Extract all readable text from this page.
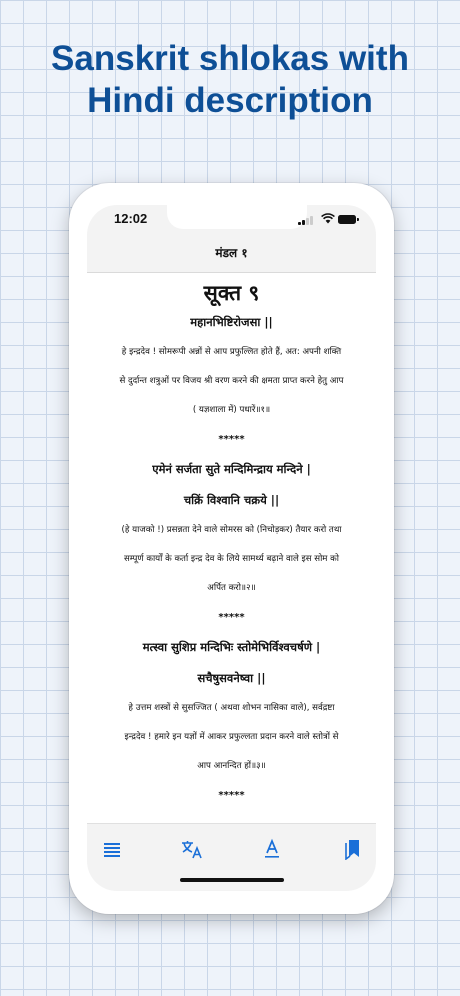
Sanskrit shlokas with
Hindi description
12:02
मंडल १
सूक्त ९
महानभिष्टिरोजसा ||
हे इन्द्रदेव ! सोमरूपी अन्नों से आप प्रफुल्लित होते हैं, अत: अपनी शक्ति
से दुर्दान्त शत्रुओं पर विजय श्री वरण करने की क्षमता प्राप्त करने हेतु आप
( यज्ञशाला में) पधारें॥१॥
*****
एमेनं सर्जता सुते मन्दिमिन्द्राय मन्दिने |
चक्रिं विश्वानि चक्रये ||
(हे याजको !) प्रसन्नता देने वाले सोमरस को (निचोड़कर) तैयार करो तथा
सम्पूर्ण कार्यों के कर्ता इन्द्र देव के लिये सामर्थ्य बढ़ाने वाले इस सोम को
अर्पित करो॥२॥
*****
मत्स्वा सुशिप्र मन्दिभिः स्तोमेभिर्विश्वचर्षणे |
सचैषुसवनेष्वा ||
हे उत्तम शस्त्रों से सुसज्जित ( अथवा शोभन नासिका वाले), सर्वद्रष्टा
इन्द्रदेव ! हमारे इन यज्ञों में आकर प्रफुल्लता प्रदान करने वाले स्तोत्रों से
आप आनन्दित हों॥३॥
*****
